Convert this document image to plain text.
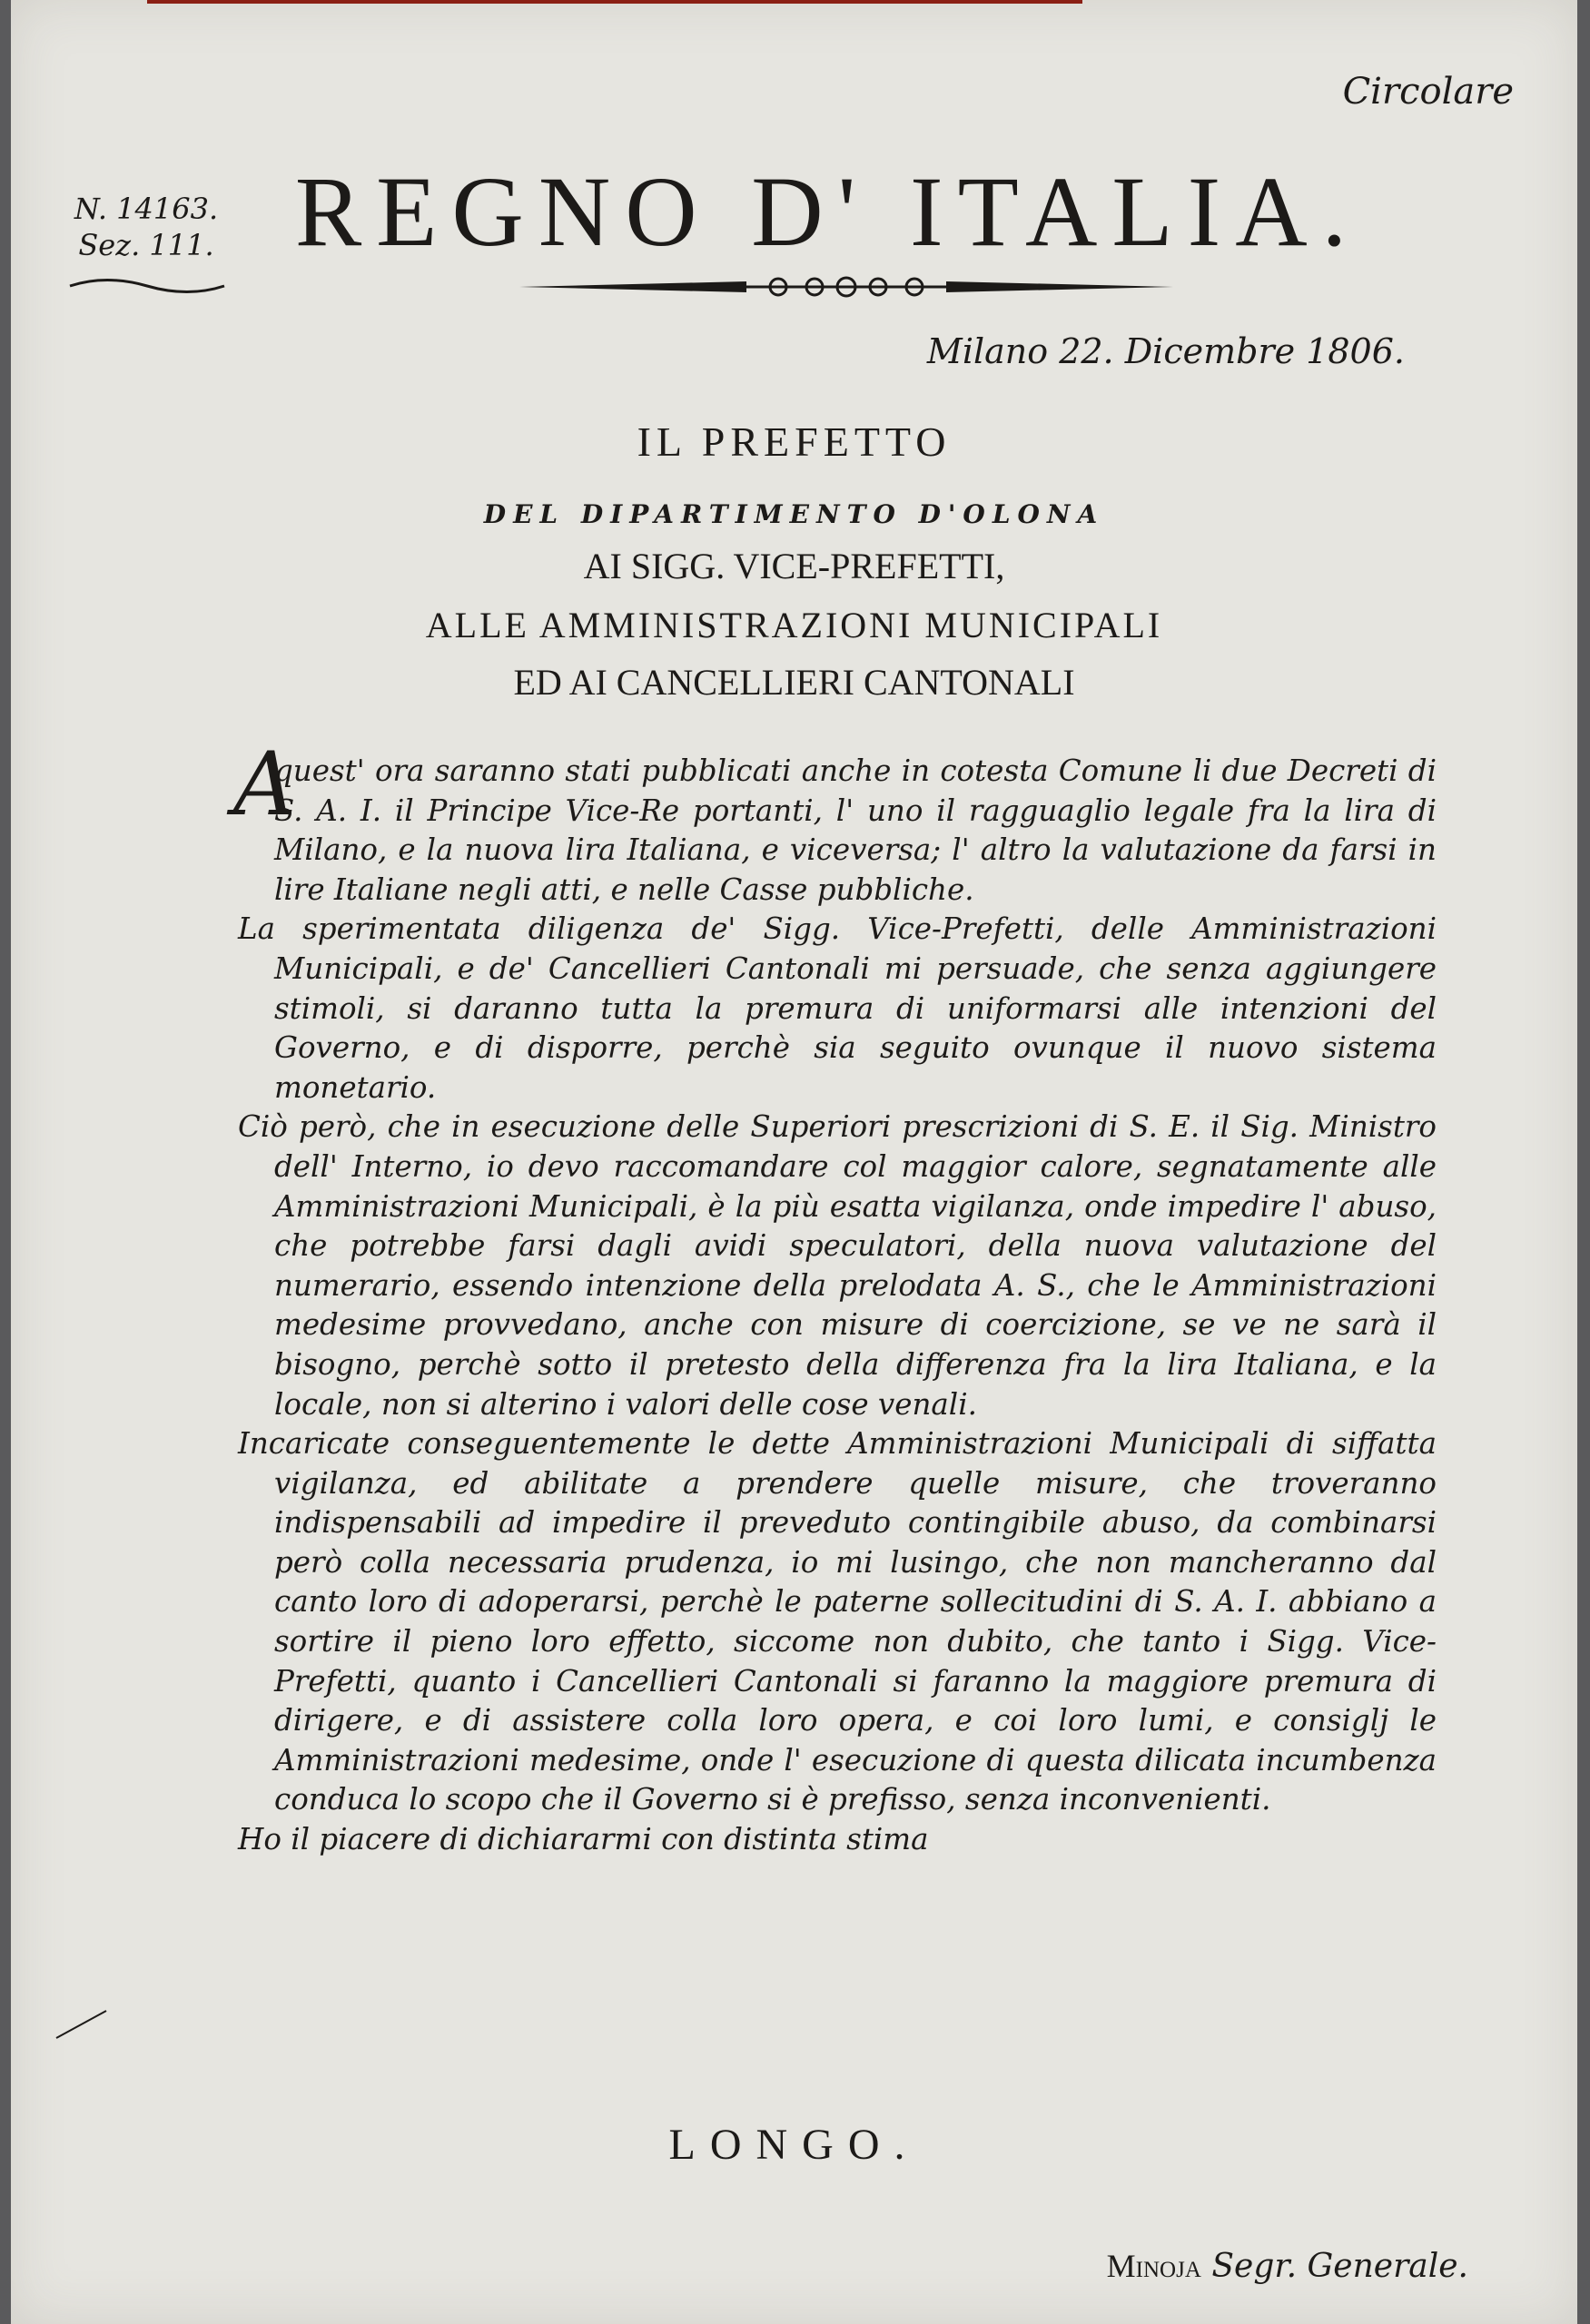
Circolare
N. 14163.
Sez. 111. REGNO D' ITALIA.
Milano 22. Dicembre 1806.
IL PREFETTO
DEL DIPARTIMENTO D'OLONA
AI SIGG. VICE-PREFETTI,
ALLE AMMINISTRAZIONI MUNICIPALI
ED AI CANCELLIERI CANTONALI

A
quest' ora saranno stati pubblicati anche in cotesta Comune li due Decreti di S. A. I. il Principe Vice-Re portanti, l' uno il ragguaglio legale fra la lira di Milano, e la nuova lira Italiana, e viceversa; l' altro la valutazione da farsi in lire Italiane negli atti, e nelle Casse pubbliche.

La sperimentata diligenza de' Sigg. Vice-Prefetti, delle Amministrazioni Municipali, e de' Cancellieri Cantonali mi persuade, che senza aggiungere stimoli, si daranno tutta la premura di uniformarsi alle intenzioni del Governo, e di disporre, perchè sia seguito ovunque il nuovo sistema monetario.

Ciò però, che in esecuzione delle Superiori prescrizioni di S. E. il Sig. Ministro dell' Interno, io devo raccomandare col maggior calore, segnatamente alle Amministrazioni Municipali, è la più esatta vigilanza, onde impedire l' abuso, che potrebbe farsi dagli avidi speculatori, della nuova valutazione del numerario, essendo intenzione della prelodata A. S., che le Amministrazioni medesime provvedano, anche con misure di coercizione, se ve ne sarà il bisogno, perchè sotto il pretesto della differenza fra la lira Italiana, e la locale, non si alterino i valori delle cose venali.

Incaricate conseguentemente le dette Amministrazioni Municipali di siffatta vigilanza, ed abilitate a prendere quelle misure, che troveranno indispensabili ad impedire il preveduto contingibile abuso, da combinarsi però colla necessaria prudenza, io mi lusingo, che non mancheranno dal canto loro di adoperarsi, perchè le paterne sollecitudini di S. A. I. abbiano a sortire il pieno loro effetto, siccome non dubito, che tanto i Sigg. Vice-Prefetti, quanto i Cancellieri Cantonali si faranno la maggiore premura di dirigere, e di assistere colla loro opera, e coi loro lumi, e consiglj le Amministrazioni medesime, onde l' esecuzione di questa dilicata incumbenza conduca lo scopo che il Governo si è prefisso, senza inconvenienti.

Ho il piacere di dichiararmi con distinta stima

LONGO.
Minoja Segr. Generale.
